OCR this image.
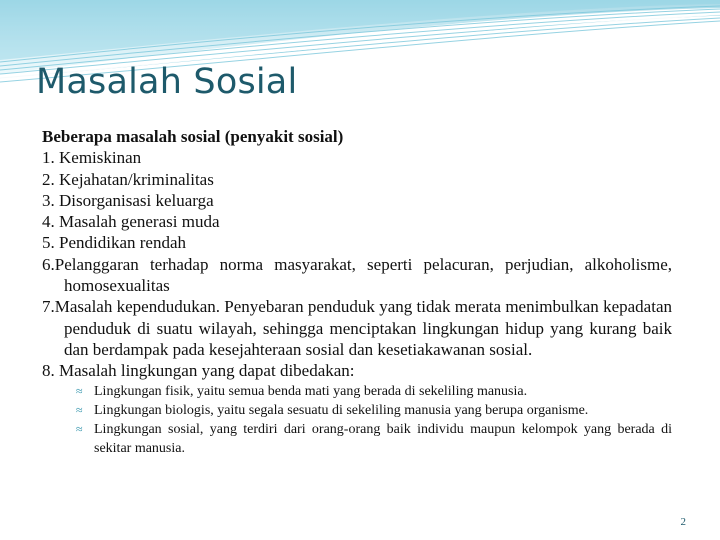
Masalah Sosial

Beberapa masalah sosial (penyakit sosial)

1. Kemiskinan

2. Kejahatan/kriminalitas

3. Disorganisasi keluarga

4. Masalah generasi muda

5. Pendidikan rendah

6.Pelanggaran terhadap norma masyarakat, seperti pelacuran, perjudian, alkoholisme, homosexualitas

7.Masalah kependudukan. Penyebaran penduduk yang tidak merata menimbulkan kepadatan penduduk di suatu wilayah, sehingga menciptakan lingkungan hidup yang kurang baik dan berdampak pada kesejahteraan sosial dan kesetiakawanan sosial.

8. Masalah lingkungan yang dapat dibedakan:

≈ Lingkungan fisik, yaitu semua benda mati yang berada di sekeliling manusia.
≈ Lingkungan biologis, yaitu segala sesuatu di sekeliling manusia yang berupa organisme.
≈ Lingkungan sosial, yang terdiri dari orang-orang baik individu maupun kelompok yang berada di sekitar manusia.
2
